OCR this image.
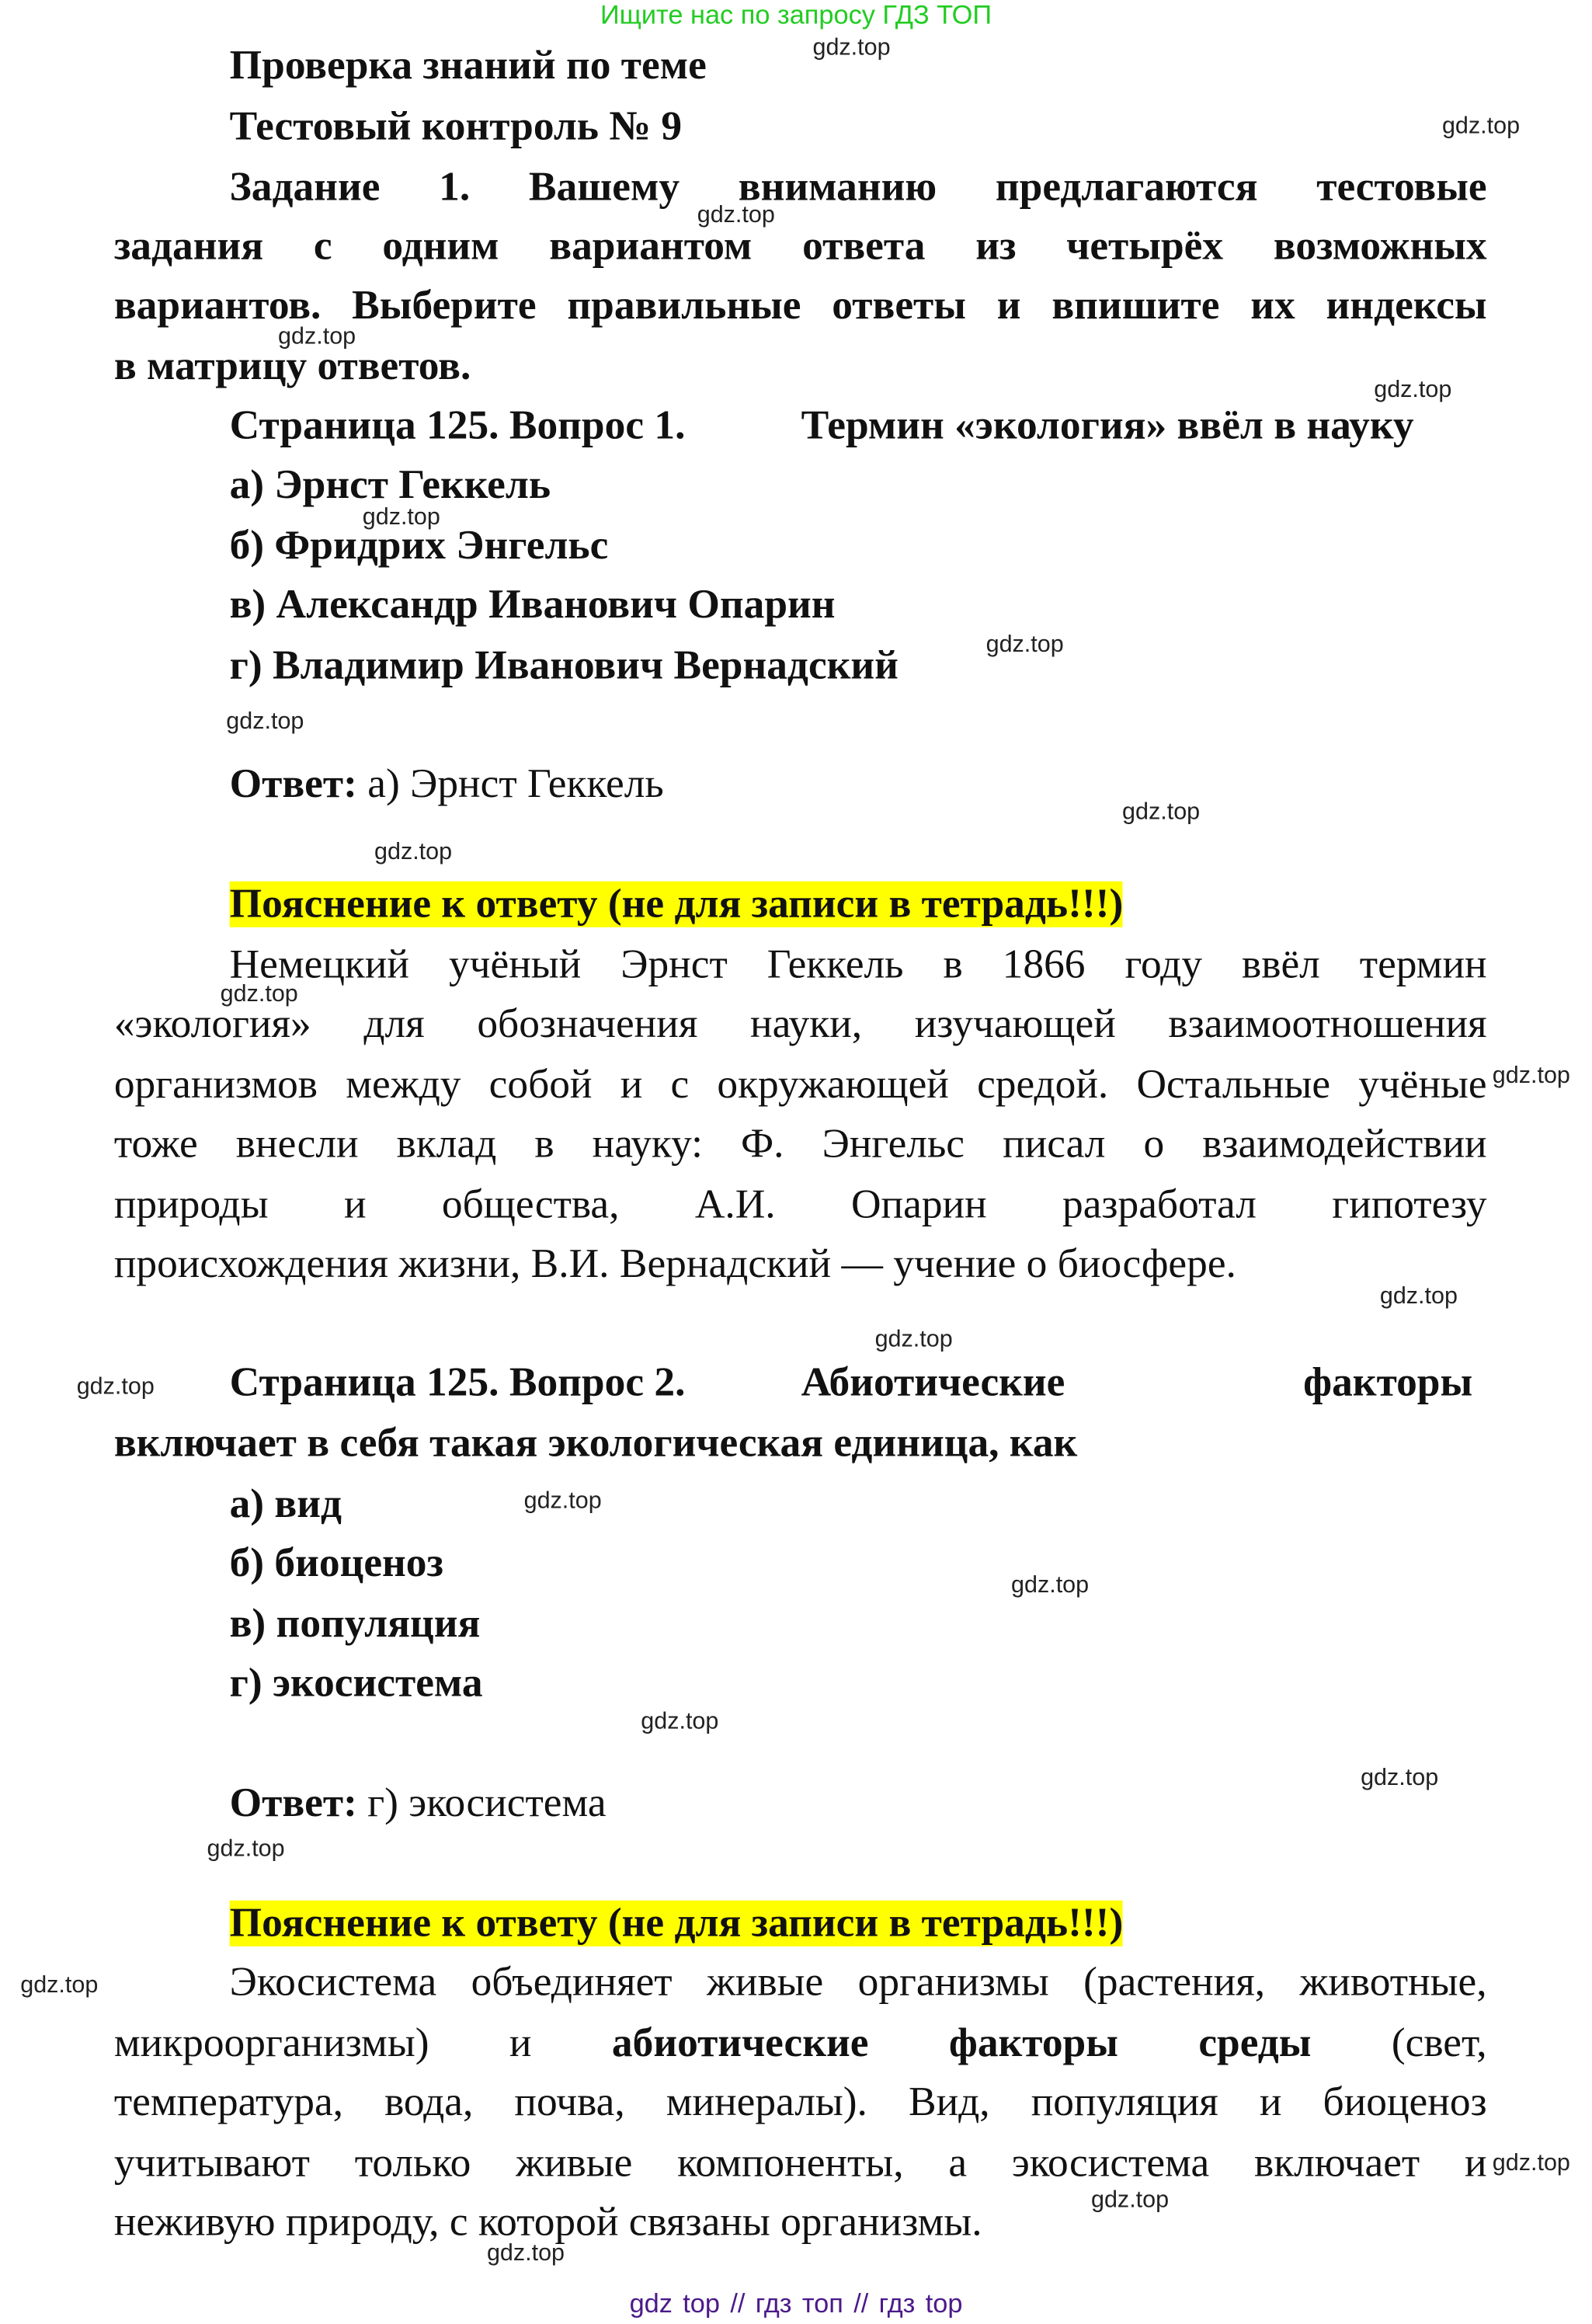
Ищите нас по запросу ГДЗ ТОП
Проверка знаний по теме
Тестовый контроль № 9
Задание 1. Вашему вниманию предлагаются тестовые
задания с одним вариантом ответа из четырёх возможных
вариантов. Выберите правильные ответы и впишите их индексы
в матрицу ответов.
Страница 125. Вопрос 1.	Термин «экология» ввёл в науку
а) Эрнст Геккель
б) Фридрих Энгельс
в) Александр Иванович Опарин
г) Владимир Иванович Вернадский
Ответ: а) Эрнст Геккель
Пояснение к ответу (не для записи в тетрадь!!!)
Немецкий учёный Эрнст Геккель в 1866 году ввёл термин
«экология» для обозначения науки, изучающей взаимоотношения
организмов между собой и с окружающей средой. Остальные учёные
тоже внесли вклад в науку: Ф. Энгельс писал о взаимодействии
природы и общества, А.И. Опарин разработал гипотезу
происхождения жизни, В.И. Вернадский — учение о биосфере.
Страница 125. Вопрос 2.	Абиотические	факторы
включает в себя такая экологическая единица, как
а) вид
б) биоценоз
в) популяция
г) экосистема
Ответ: г) экосистема
Пояснение к ответу (не для записи в тетрадь!!!)
Экосистема объединяет живые организмы (растения, животные,
микроорганизмы) и абиотические факторы среды (свет,
температура, вода, почва, минералы). Вид, популяция и биоценоз
учитывают только живые компоненты, а экосистема включает и
неживую природу, с которой связаны организмы.
gdz.top
gdz.top
gdz.top
gdz.top
gdz.top
gdz.top
gdz.top
gdz.top
gdz.top
gdz.top
gdz.top
gdz.top
gdz.top
gdz.top
gdz.top
gdz.top
gdz.top
gdz.top
gdz.top
gdz.top
gdz.top
gdz.top
gdz.top
gdz.top
gdz top // гдз топ // гдз top
